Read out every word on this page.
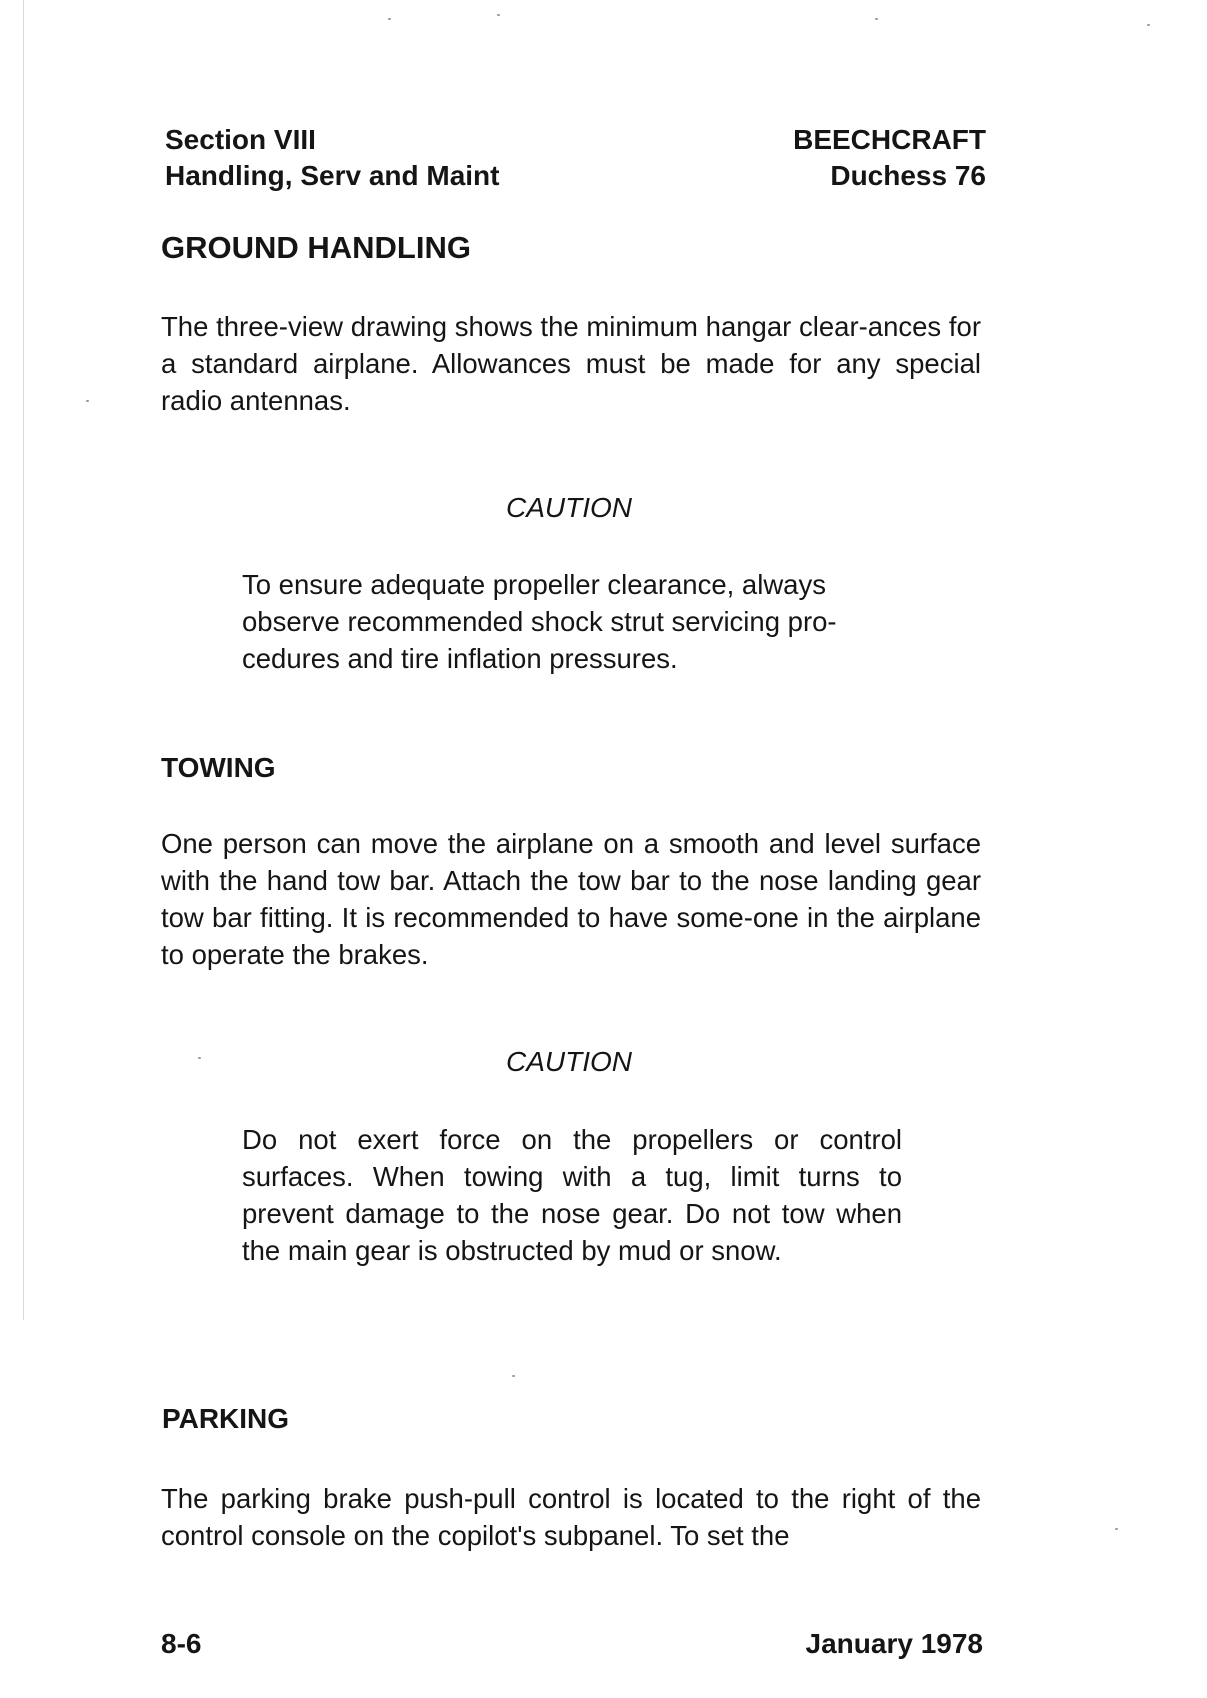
Section VIII
Handling, Serv and Maint
BEECHCRAFT
Duchess 76
GROUND HANDLING
The three-view drawing shows the minimum hangar clear-ances for a standard airplane. Allowances must be made for any special radio antennas.
CAUTION
To ensure adequate propeller clearance, always observe recommended shock strut servicing pro-cedures and tire inflation pressures.
TOWING
One person can move the airplane on a smooth and level surface with the hand tow bar. Attach the tow bar to the nose landing gear tow bar fitting. It is recommended to have some-one in the airplane to operate the brakes.
CAUTION
Do not exert force on the propellers or control surfaces. When towing with a tug, limit turns to prevent damage to the nose gear. Do not tow when the main gear is obstructed by mud or snow.
PARKING
The parking brake push-pull control is located to the right of the control console on the copilot's subpanel. To set the
8-6	January 1978
